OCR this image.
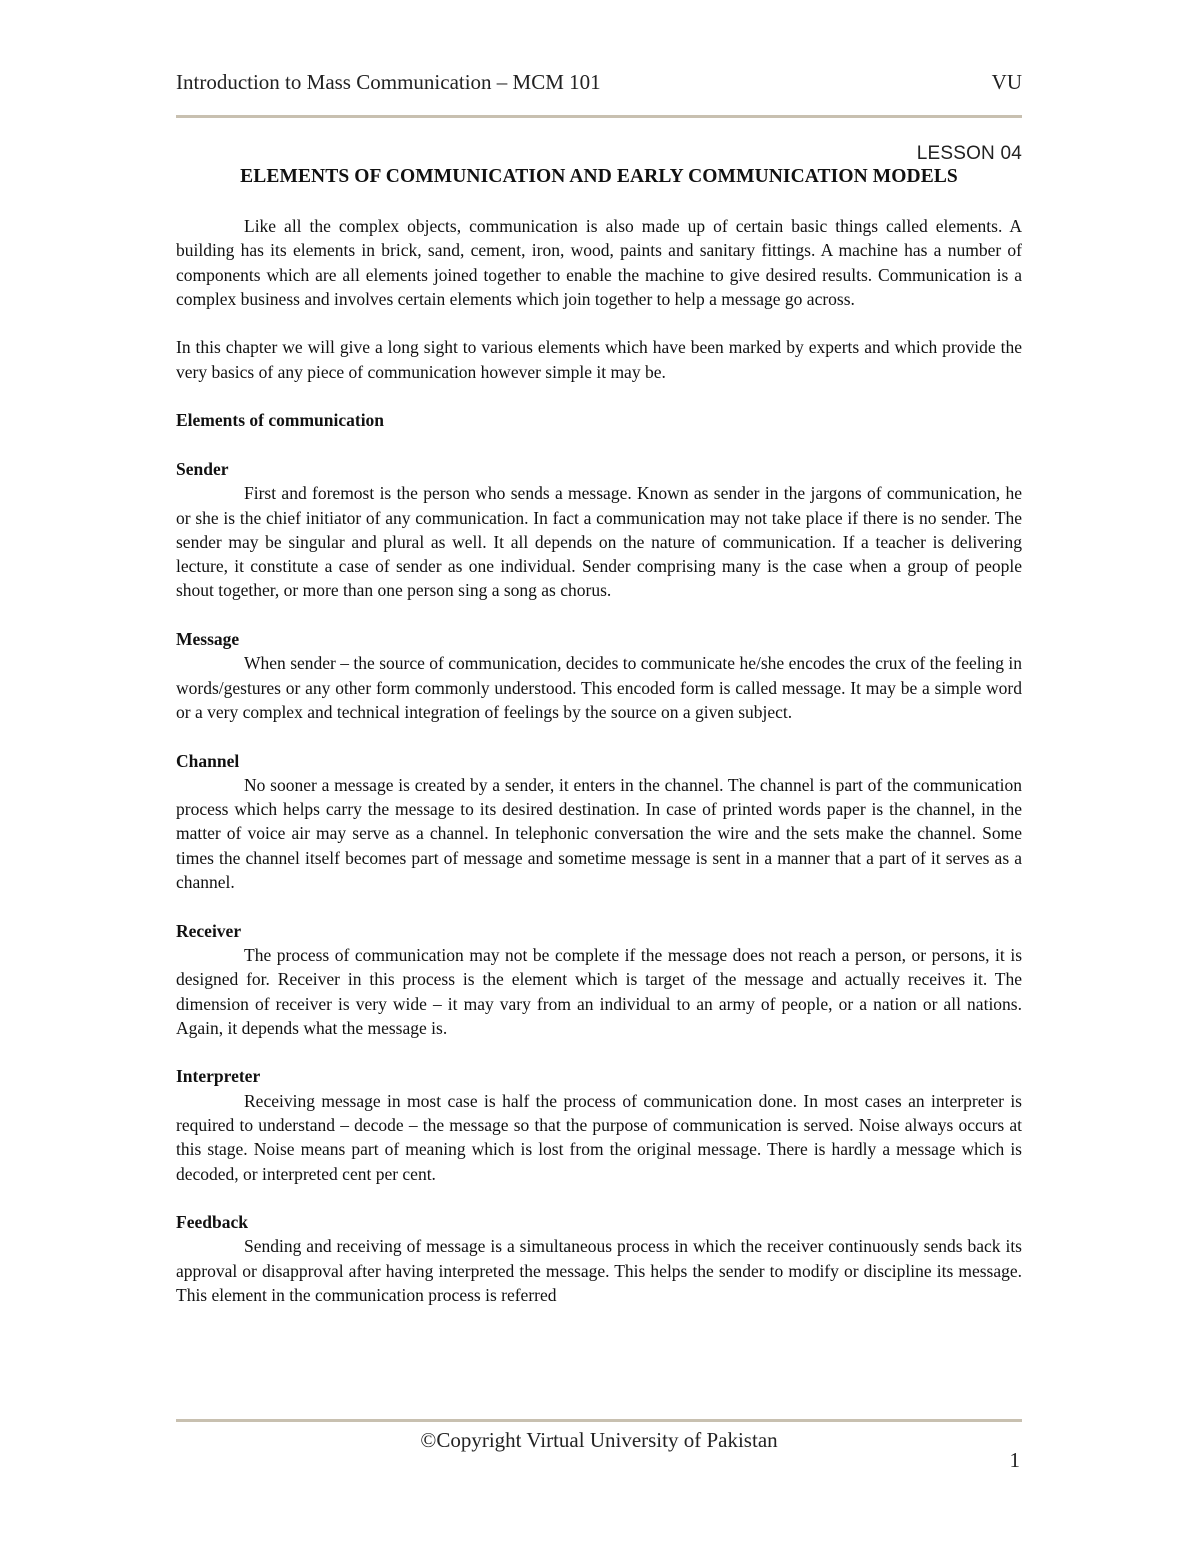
Introduction to Mass Communication – MCM 101	VU
LESSON 04
ELEMENTS OF COMMUNICATION AND EARLY COMMUNICATION MODELS

Like all the complex objects, communication is also made up of certain basic things called elements. A building has its elements in brick, sand, cement, iron, wood, paints and sanitary fittings. A machine has a number of components which are all elements joined together to enable the machine to give desired results. Communication is a complex business and involves certain elements which join together to help a message go across.

In this chapter we will give a long sight to various elements which have been marked by experts and which provide the very basics of any piece of communication however simple it may be.

Elements of communication
Sender

First and foremost is the person who sends a message. Known as sender in the jargons of communication, he or she is the chief initiator of any communication. In fact a communication may not take place if there is no sender. The sender may be singular and plural as well. It all depends on the nature of communication. If a teacher is delivering lecture, it constitute a case of sender as one individual. Sender comprising many is the case when a group of people shout together, or more than one person sing a song as chorus.

Message

When sender – the source of communication, decides to communicate he/she encodes the crux of the feeling in words/gestures or any other form commonly understood. This encoded form is called message. It may be a simple word or a very complex and technical integration of feelings by the source on a given subject.

Channel

No sooner a message is created by a sender, it enters in the channel. The channel is part of the communication process which helps carry the message to its desired destination. In case of printed words paper is the channel, in the matter of voice air may serve as a channel. In telephonic conversation the wire and the sets make the channel. Some times the channel itself becomes part of message and sometime message is sent in a manner that a part of it serves as a channel.

Receiver

The process of communication may not be complete if the message does not reach a person, or persons, it is designed for. Receiver in this process is the element which is target of the message and actually receives it. The dimension of receiver is very wide – it may vary from an individual to an army of people, or a nation or all nations. Again, it depends what the message is.

Interpreter

Receiving message in most case is half the process of communication done. In most cases an interpreter is required to understand – decode – the message so that the purpose of communication is served. Noise always occurs at this stage. Noise means part of meaning which is lost from the original message. There is hardly a message which is decoded, or interpreted cent per cent.

Feedback

Sending and receiving of message is a simultaneous process in which the receiver continuously sends back its approval or disapproval after having interpreted the message. This helps the sender to modify or discipline its message. This element in the communication process is referred

©Copyright Virtual University of Pakistan
1
